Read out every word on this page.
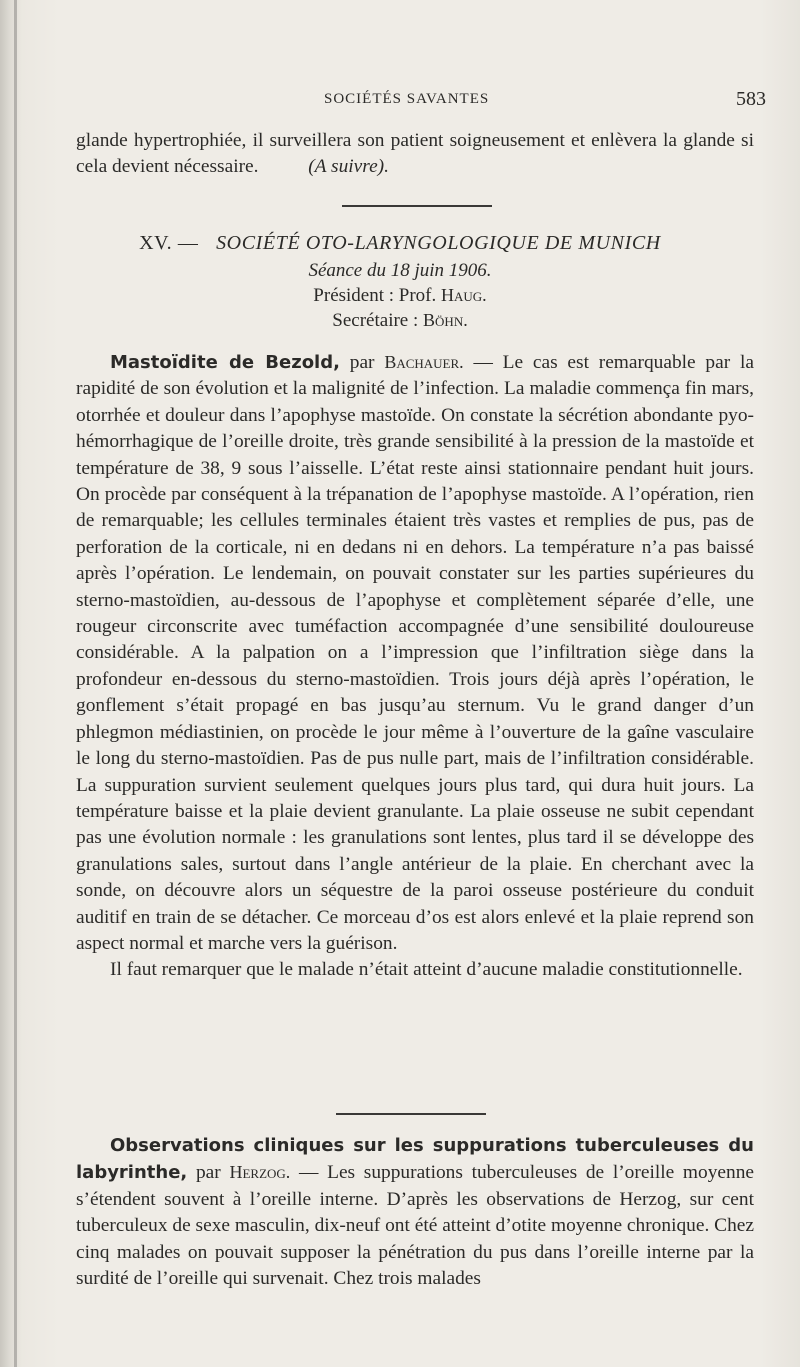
SOCIÉTÉS SAVANTES	583

glande hypertrophiée, il surveillera son patient soigneusement et enlèvera la glande si cela devient nécessaire.	(A suivre).

XV. — SOCIÉTÉ OTO-LARYNGOLOGIQUE DE MUNICH
Séance du 18 juin 1906.
Président : Prof. Haug.
Secrétaire : Böhn.

Mastoïdite de Bezold, par Bachauer. — Le cas est remarquable par la rapidité de son évolution et la malignité de l’infection. La maladie commença fin mars, otorrhée et douleur dans l’apophyse mastoïde. On constate la sécrétion abondante pyo-hémorrhagique de l’oreille droite, très grande sensibilité à la pression de la mastoïde et température de 38, 9 sous l’aisselle. L’état reste ainsi stationnaire pendant huit jours. On procède par conséquent à la trépanation de l’apophyse mastoïde. A l’opération, rien de remarquable; les cellules terminales étaient très vastes et remplies de pus, pas de perforation de la corticale, ni en dedans ni en dehors. La température n’a pas baissé après l’opération. Le lendemain, on pouvait constater sur les parties supérieures du sterno-mastoïdien, au-dessous de l’apophyse et complètement séparée d’elle, une rougeur circonscrite avec tuméfaction accompagnée d’une sensibilité douloureuse considérable. A la palpation on a l’impression que l’infiltration siège dans la profondeur en-dessous du sterno-mastoïdien. Trois jours déjà après l’opération, le gonflement s’était propagé en bas jusqu’au sternum. Vu le grand danger d’un phlegmon médiastinien, on procède le jour même à l’ouverture de la gaîne vasculaire le long du sterno-mastoïdien. Pas de pus nulle part, mais de l’infiltration considérable. La suppuration survient seulement quelques jours plus tard, qui dura huit jours. La température baisse et la plaie devient granulante. La plaie osseuse ne subit cependant pas une évolution normale : les granulations sont lentes, plus tard il se développe des granulations sales, surtout dans l’angle antérieur de la plaie. En cherchant avec la sonde, on découvre alors un séquestre de la paroi osseuse postérieure du conduit auditif en train de se détacher. Ce morceau d’os est alors enlevé et la plaie reprend son aspect normal et marche vers la guérison.

Il faut remarquer que le malade n’était atteint d’aucune maladie constitutionnelle.

Observations cliniques sur les suppurations tuberculeuses du labyrinthe, par Herzog. — Les suppurations tuberculeuses de l’oreille moyenne s’étendent souvent à l’oreille interne. D’après les observations de Herzog, sur cent tuberculeux de sexe masculin, dix-neuf ont été atteint d’otite moyenne chronique. Chez cinq malades on pouvait supposer la pénétration du pus dans l’oreille interne par la surdité de l’oreille qui survenait. Chez trois malades
